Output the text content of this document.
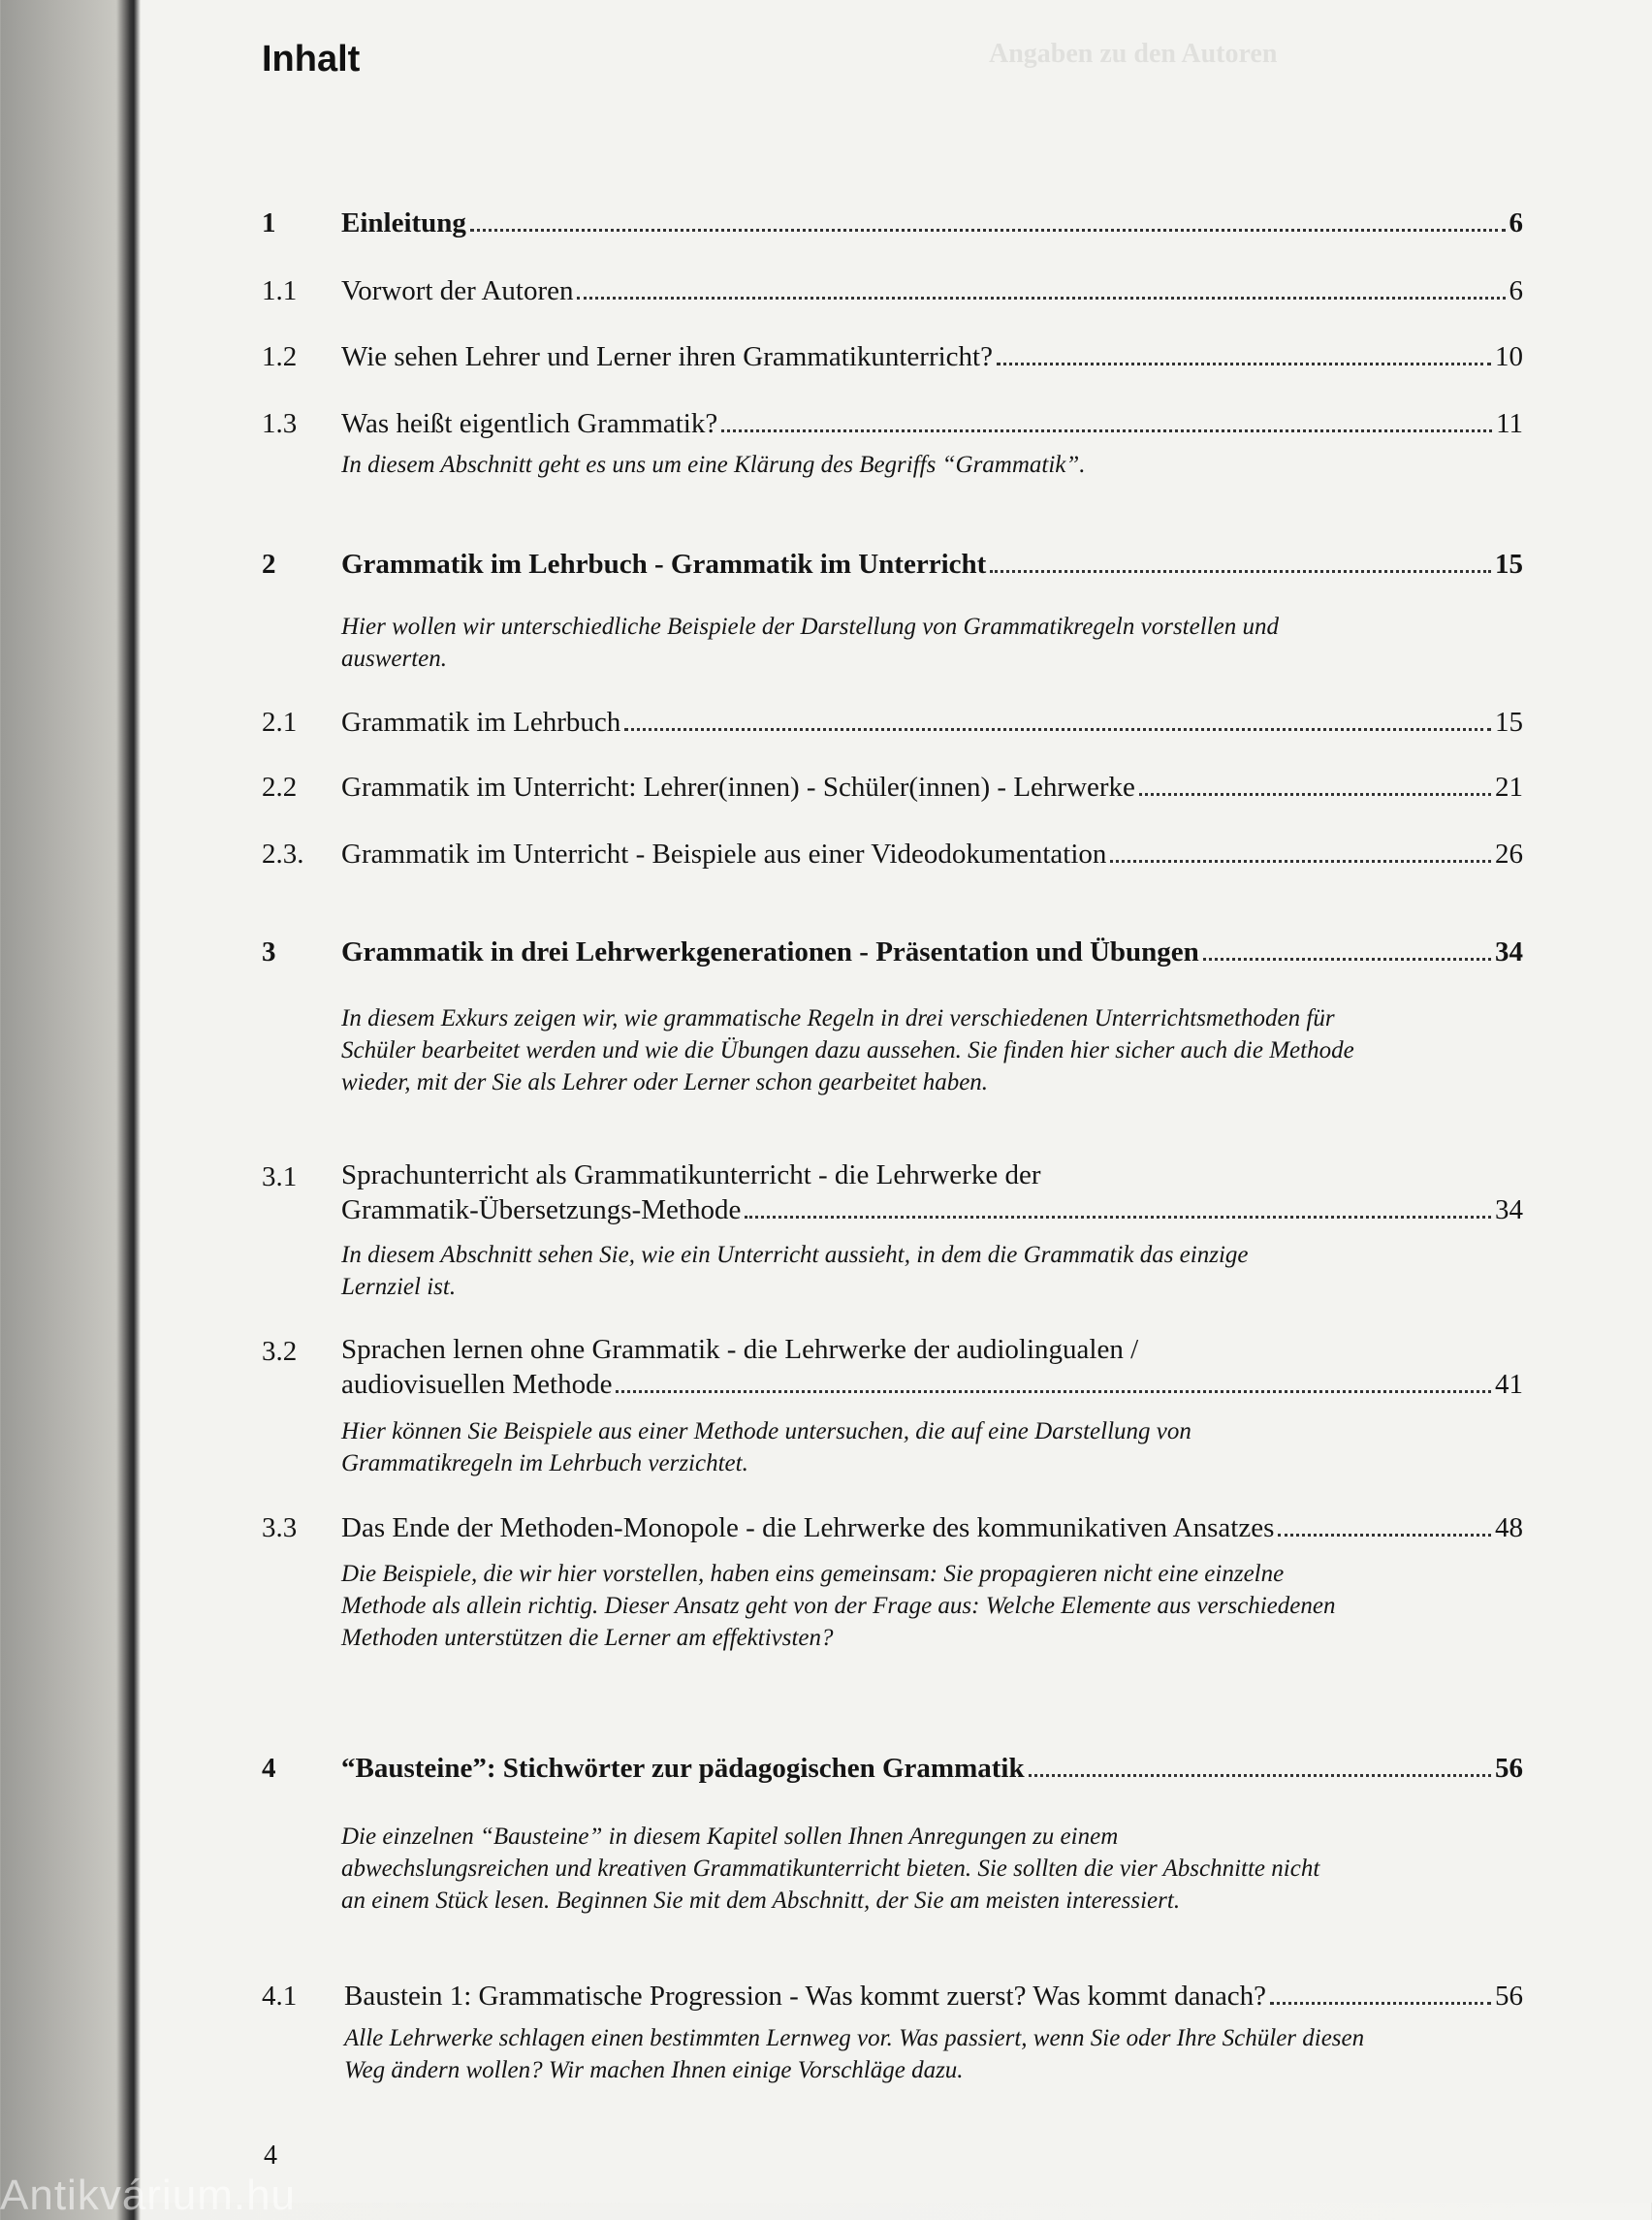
Angaben zu den Autoren
Inhalt
1 Einleitung	6
1.1 Vorwort der Autoren	6
1.2 Wie sehen Lehrer und Lerner ihren Grammatikunterricht?	10
1.3 Was heißt eigentlich Grammatik?	11
In diesem Abschnitt geht es uns um eine Klärung des Begriffs “Grammatik”.
2 Grammatik im Lehrbuch - Grammatik im Unterricht	15
Hier wollen wir unterschiedliche Beispiele der Darstellung von Grammatikregeln vorstellen und auswerten.
2.1 Grammatik im Lehrbuch	15
2.2 Grammatik im Unterricht: Lehrer(innen) - Schüler(innen) - Lehrwerke	21
2.3. Grammatik im Unterricht - Beispiele aus einer Videodokumentation	26
3 Grammatik in drei Lehrwerkgenerationen - Präsentation und Übungen	34
In diesem Exkurs zeigen wir, wie grammatische Regeln in drei verschiedenen Unterrichtsmethoden für Schüler bearbeitet werden und wie die Übungen dazu aussehen. Sie finden hier sicher auch die Methode wieder, mit der Sie als Lehrer oder Lerner schon gearbeitet haben.
3.1 Sprachunterricht als Grammatikunterricht - die Lehrwerke der
Grammatik-Übersetzungs-Methode	34
In diesem Abschnitt sehen Sie, wie ein Unterricht aussieht, in dem die Grammatik das einzige Lernziel ist.
3.2 Sprachen lernen ohne Grammatik - die Lehrwerke der audiolingualen /
audiovisuellen Methode	41
Hier können Sie Beispiele aus einer Methode untersuchen, die auf eine Darstellung von Grammatikregeln im Lehrbuch verzichtet.
3.3 Das Ende der Methoden-Monopole - die Lehrwerke des kommunikativen Ansatzes	48
Die Beispiele, die wir hier vorstellen, haben eins gemeinsam: Sie propagieren nicht eine einzelne Methode als allein richtig. Dieser Ansatz geht von der Frage aus: Welche Elemente aus verschiedenen Methoden unterstützen die Lerner am effektivsten?
4 “Bausteine”: Stichwörter zur pädagogischen Grammatik	56
Die einzelnen “Bausteine” in diesem Kapitel sollen Ihnen Anregungen zu einem abwechslungsreichen und kreativen Grammatikunterricht bieten. Sie sollten die vier Abschnitte nicht an einem Stück lesen. Beginnen Sie mit dem Abschnitt, der Sie am meisten interessiert.
4.1 Baustein 1: Grammatische Progression - Was kommt zuerst? Was kommt danach?	56
Alle Lehrwerke schlagen einen bestimmten Lernweg vor. Was passiert, wenn Sie oder Ihre Schüler diesen Weg ändern wollen? Wir machen Ihnen einige Vorschläge dazu.
4
Antikvárium.hu
